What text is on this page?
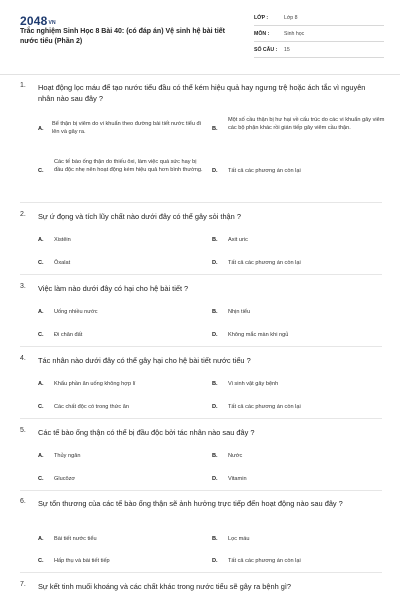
2048VN
Trắc nghiệm Sinh Học 8 Bài 40: (có đáp án) Vệ sinh hệ bài tiết nước tiểu (Phần 2)
LỚP :	Lớp 8
MÔN :	Sinh học
SỐ CÂU : 15
1. Hoạt động lọc máu để tạo nước tiểu đầu có thể kém hiệu quả hay ngưng trệ hoặc ách tắc vì nguyên nhân nào sau đây ?
A.
Bể thận bị viêm do vi khuẩn theo đường bài tiết nước tiểu đi lên và gây ra.
B.
Một số cầu thận bị hư hại về cấu trúc do các vi khuẩn gây viêm các bộ phận khác rồi gián tiếp gây viêm cầu thận.
C.
Các tế bào ống thận do thiếu ôxi, làm việc quá sức hay bị đầu độc nhẹ nên hoạt động kém hiệu quả hơn bình thường.	D. Tất cả các phương án còn lại
2. Sự ứ đọng và tích lũy chất nào dưới đây có thể gây sỏi thận ?
A. Xistêin	B. Axit uric
C. Ôxalat	D. Tất cả các phương án còn lại
3. Việc làm nào dưới đây có hại cho hệ bài tiết ?
A. Uống nhiều nước	B. Nhịn tiểu
C. Đi chân đất	D. Không mắc màn khi ngủ
4. Tác nhân nào dưới đây có thể gây hại cho hệ bài tiết nước tiểu ?
A. Khẩu phần ăn uống không hợp lí	B. Vi sinh vật gây bệnh
C. Các chất độc có trong thức ăn	D. Tất cả các phương án còn lại
5. Các tế bào ống thận có thể bị đầu độc bởi tác nhân nào sau đây ?
A. Thủy ngân	B. Nước
C. Glucôzơ	D. Vitamin
6. Sự tổn thương của các tế bào ống thận sẽ ảnh hưởng trực tiếp đến hoạt động nào sau đây ?
A. Bài tiết nước tiểu	B. Lọc máu
C. Hấp thụ và bài tiết tiếp	D. Tất cả các phương án còn lại
7. Sự kết tinh muối khoáng và các chất khác trong nước tiểu sẽ gây ra bệnh gì?
